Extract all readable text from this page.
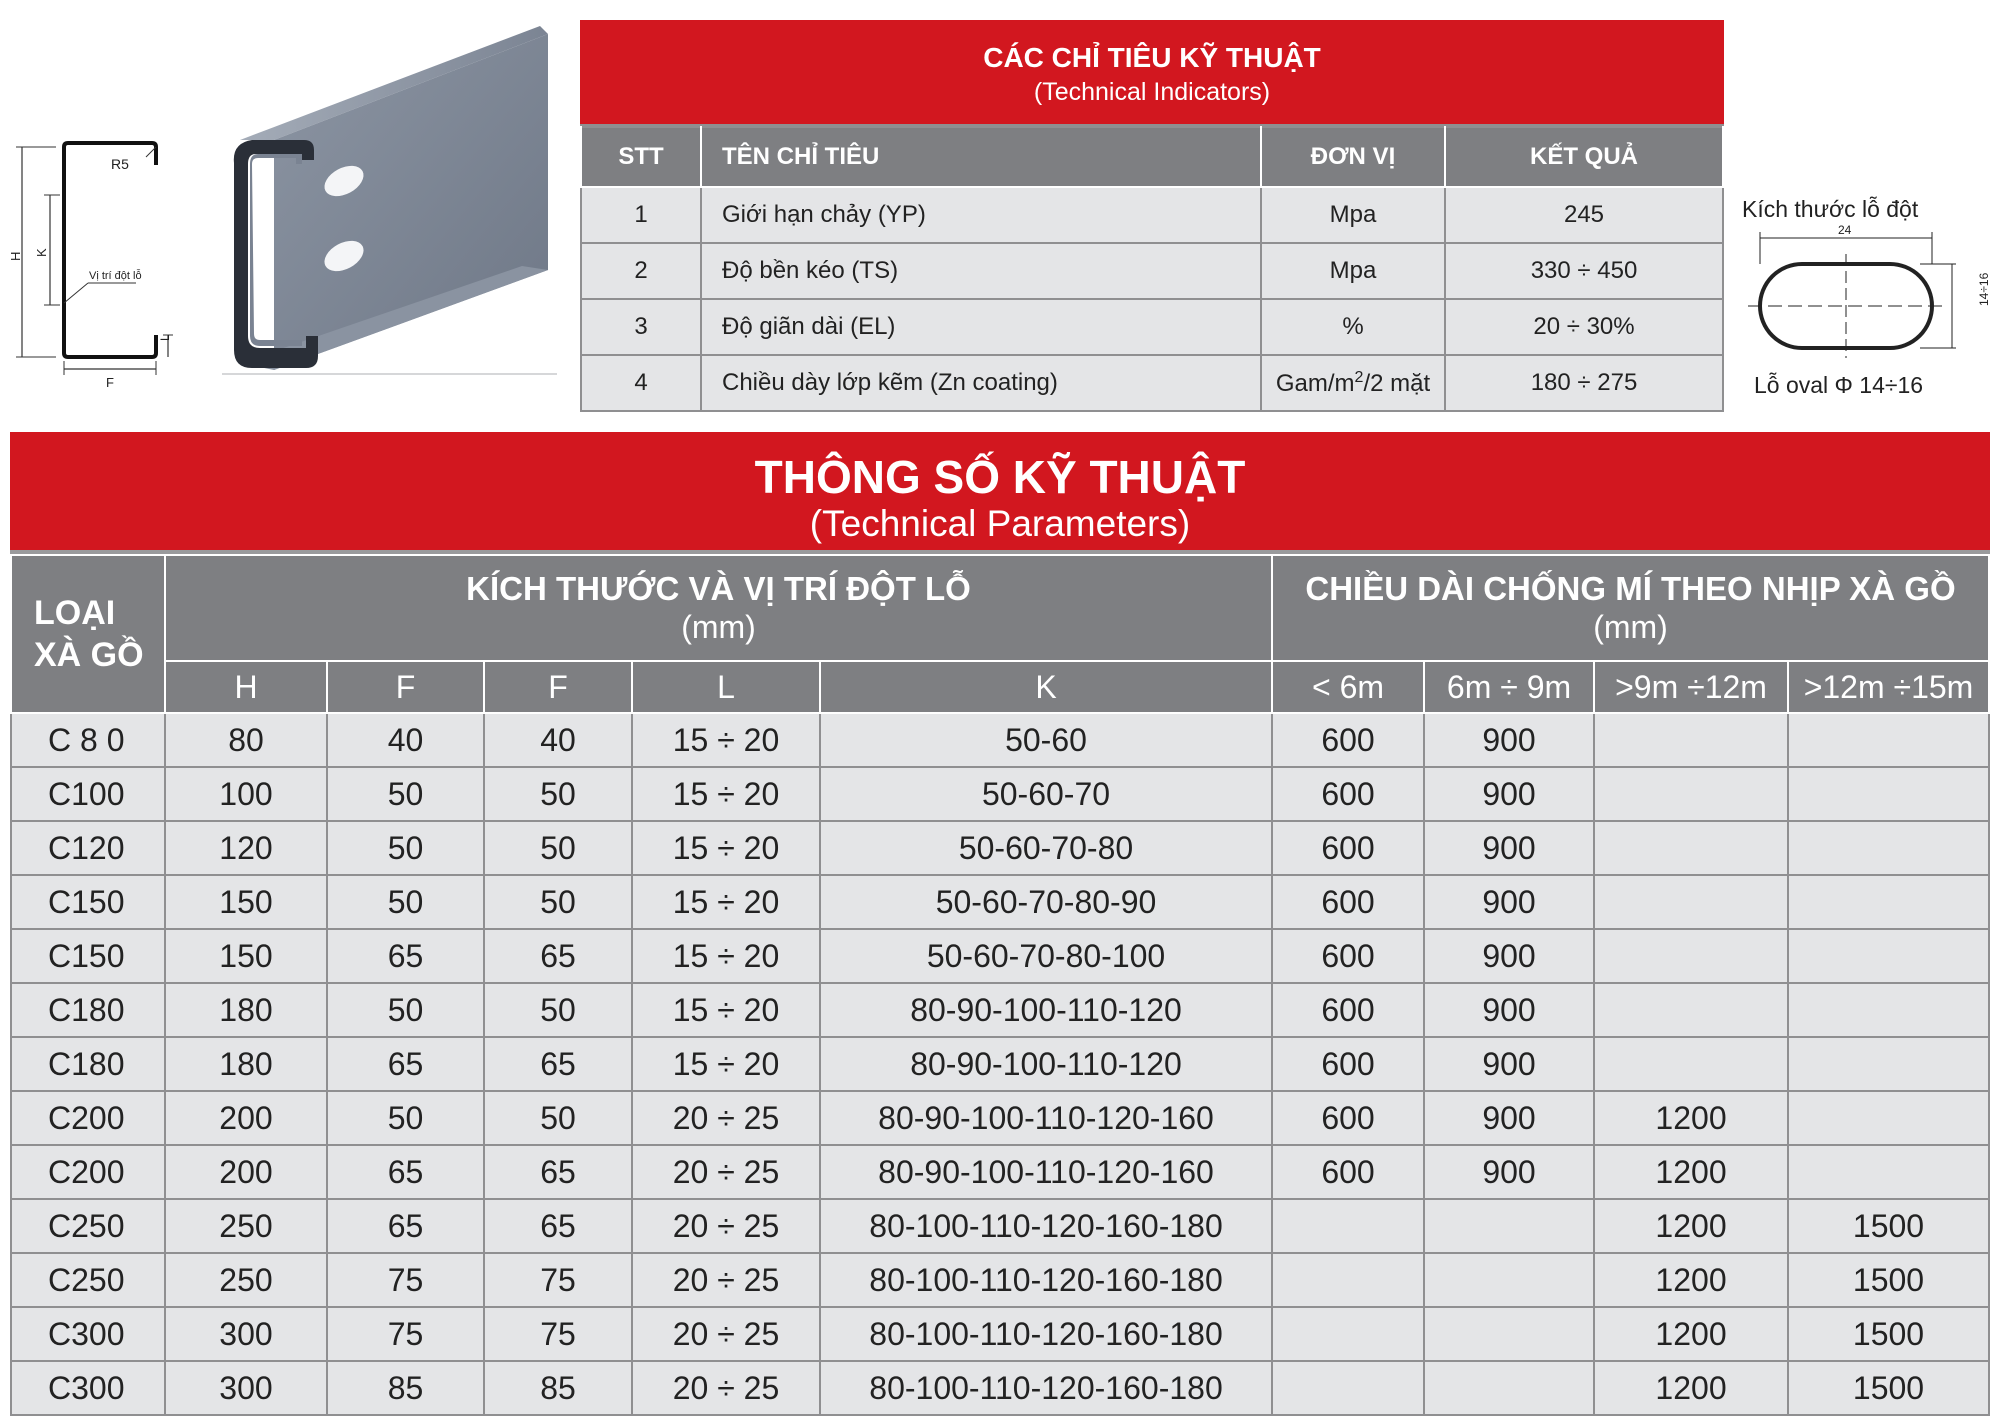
H K
R5
Vị trí đột lỗ
F
L
CÁC CHỈ TIÊU KỸ THUẬT
(Technical Indicators)
STT	TÊN CHỈ TIÊU	ĐƠN VỊ	KẾT QUẢ
1	Giới hạn chảy (YP)	Mpa	245
2	Độ bền kéo (TS)	Mpa	330 ÷ 450
3	Độ giãn dài (EL)	%	20 ÷ 30%
4	Chiều dày lớp kẽm (Zn coating)	Gam/$m^2/2$ mặt	180 ÷ 275
Kích thước lỗ đột
24
14÷16
Lỗ oval Φ 14÷16
THÔNG SỐ KỸ THUẬT
(Technical Parameters)
LOẠI XÀ GỒ	KÍCH THƯỚC VÀ VỊ TRÍ ĐỘT LỖ
(mm)					CHIỀU DÀI CHỐNG MÍ THEO NHỊP XÀ GỒ
(mm)			

	H	F	F	L	K	< 6m	6m ÷ 9m	>9m ÷12m	>12m ÷15m
C 8 0	80	40	40	15 ÷ 20	50-60	600	900		
C100	100	50	50	15 ÷ 20	50-60-70	600	900		
C120	120	50	50	15 ÷ 20	50-60-70-80	600	900		
C150	150	50	50	15 ÷ 20	50-60-70-80-90	600	900		
C150	150	65	65	15 ÷ 20	50-60-70-80-100	600	900		
C180	180	50	50	15 ÷ 20	80-90-100-110-120	600	900		
C180	180	65	65	15 ÷ 20	80-90-100-110-120	600	900		
C200	200	50	50	20 ÷ 25	80-90-100-110-120-160	600	900	1200	
C200	200	65	65	20 ÷ 25	80-90-100-110-120-160	600	900	1200	
C250	250	65	65	20 ÷ 25	80-100-110-120-160-180			1200	1500
C250	250	75	75	20 ÷ 25	80-100-110-120-160-180			1200	1500
C300	300	75	75	20 ÷ 25	80-100-110-120-160-180			1200	1500
C300	300	85	85	20 ÷ 25	80-100-110-120-160-180			1200	1500
